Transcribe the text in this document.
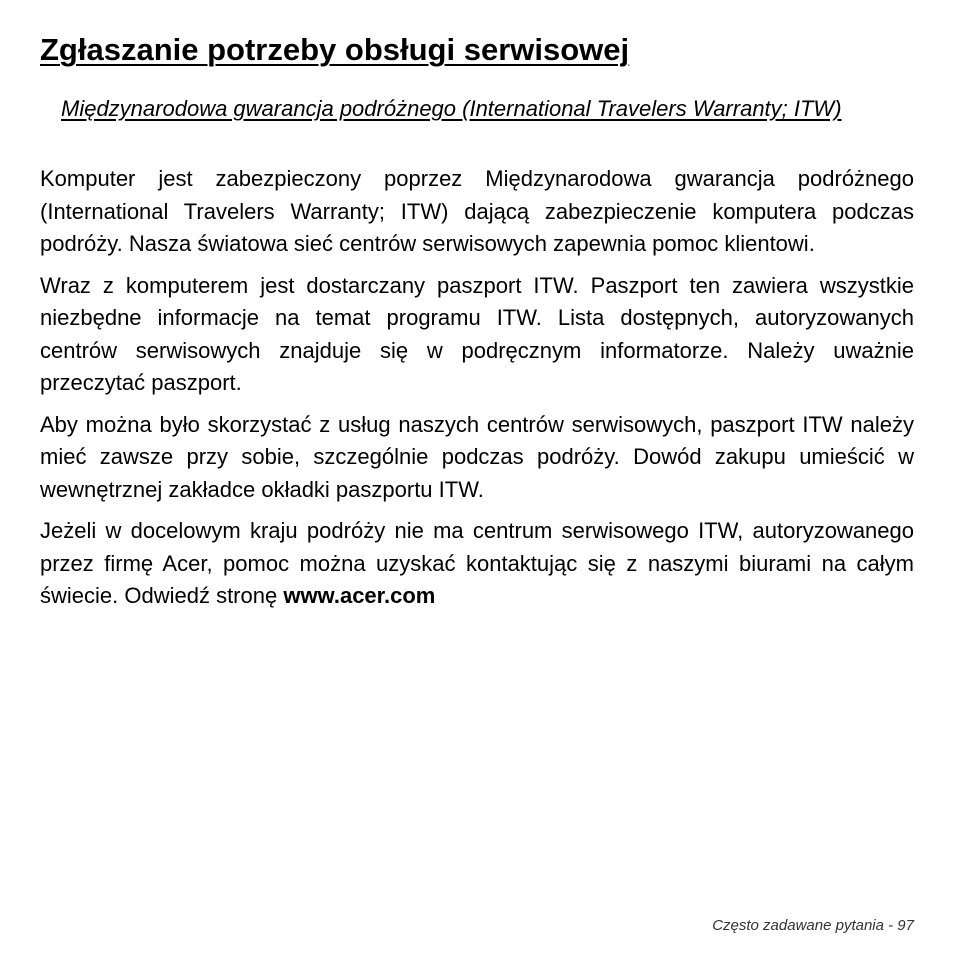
Zgłaszanie potrzeby obsługi serwisowej
Międzynarodowa gwarancja podróżnego (International Travelers Warranty; ITW)

Komputer jest zabezpieczony poprzez Międzynarodowa gwarancja podróżnego (International Travelers Warranty; ITW) dającą zabezpieczenie komputera podczas podróży. Nasza światowa sieć centrów serwisowych zapewnia pomoc klientowi.

Wraz z komputerem jest dostarczany paszport ITW. Paszport ten zawiera wszystkie niezbędne informacje na temat programu ITW. Lista dostępnych, autoryzowanych centrów serwisowych znajduje się w podręcznym informatorze. Należy uważnie przeczytać paszport.

Aby można było skorzystać z usług naszych centrów serwisowych, paszport ITW należy mieć zawsze przy sobie, szczególnie podczas podróży. Dowód zakupu umieścić w wewnętrznej zakładce okładki paszportu ITW.

Jeżeli w docelowym kraju podróży nie ma centrum serwisowego ITW, autoryzowanego przez firmę Acer, pomoc można uzyskać kontaktując się z naszymi biurami na całym świecie. Odwiedź stronę www.acer.com

Często zadawane pytania - 97
